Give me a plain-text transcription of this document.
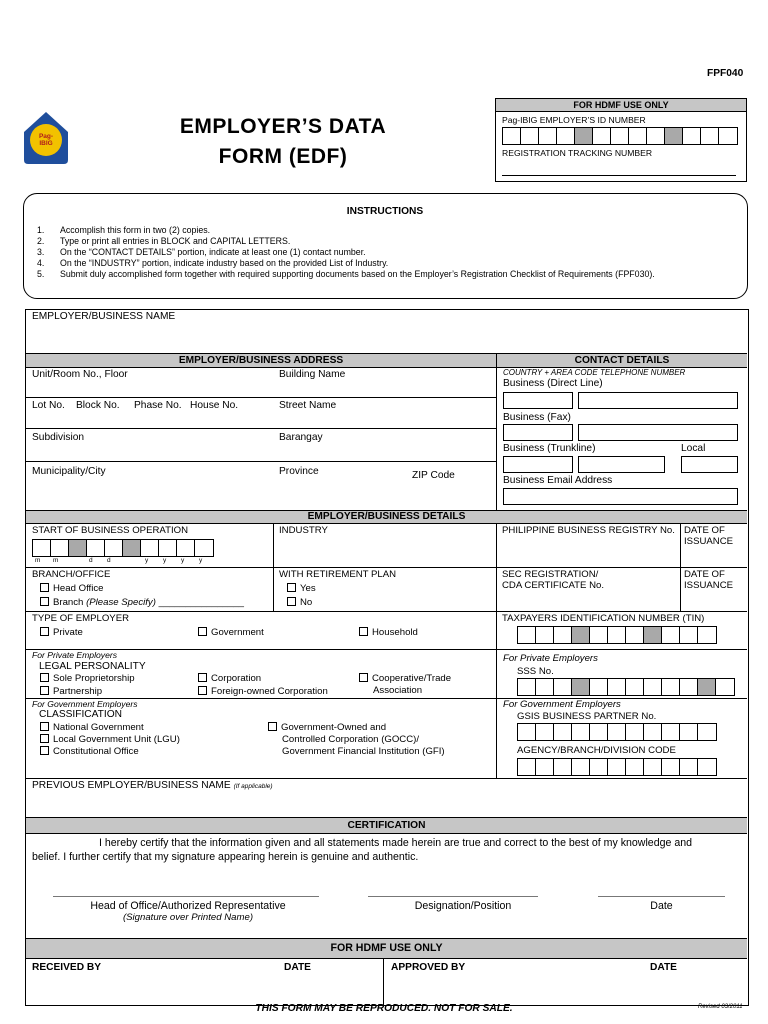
FPF040
Pag-
IBIG
EMPLOYER’S DATA
FORM (EDF)
FOR HDMF USE ONLY
Pag-IBIG EMPLOYER’S ID NUMBER
REGISTRATION TRACKING NUMBER
INSTRUCTIONS
1. Accomplish this form in two (2) copies.
2. Type or print all entries in BLOCK and CAPITAL LETTERS.
3. On the “CONTACT DETAILS” portion, indicate at least one (1) contact number.
4. On the “INDUSTRY” portion, indicate industry based on the provided List of Industry.
5. Submit duly accomplished form together with required supporting documents based on the Employer’s Registration Checklist of Requirements (FPF030).
EMPLOYER/BUSINESS NAME
EMPLOYER/BUSINESS ADDRESS	CONTACT DETAILS
Unit/Room No., Floor	Building Name
Lot No. Block No. Phase No. House No.	Street Name
Subdivision	Barangay
Municipality/City	Province	ZIP Code
COUNTRY + AREA CODE TELEPHONE NUMBER
Business (Direct Line)
Business (Fax)
Business (Trunkline)	Local
Business Email Address
EMPLOYER/BUSINESS DETAILS
START OF BUSINESS OPERATION
m m	d d	y y y y
INDUSTRY	PHILIPPINE BUSINESS REGISTRY No. DATE OF
ISSUANCE
BRANCH/OFFICE
Head Office
Branch (Please Specify) ________________
WITH RETIREMENT PLAN
Yes
No
SEC REGISTRATION/
CDA CERTIFICATE No.
DATE OF
ISSUANCE
TYPE OF EMPLOYER
Private	Government	Household
TAXPAYERS IDENTIFICATION NUMBER (TIN)
For Private Employers
LEGAL PERSONALITY
Sole Proprietorship
Partnership
Corporation
Foreign-owned Corporation
Cooperative/Trade
Association
For Private Employers
SSS No.
For Government Employers
CLASSIFICATION
National Government
Local Government Unit (LGU)
Constitutional Office
Government-Owned and
Controlled Corporation (GOCC)/
Government Financial Institution (GFI)
For Government Employers
GSIS BUSINESS PARTNER No.
AGENCY/BRANCH/DIVISION CODE
PREVIOUS EMPLOYER/BUSINESS NAME (If applicable)
CERTIFICATION
I hereby certify that the information given and all statements made herein are true and correct to the best of my knowledge and
belief. I further certify that my signature appearing herein is genuine and authentic.
Head of Office/Authorized Representative
(Signature over Printed Name)
Designation/Position	Date
FOR HDMF USE ONLY
RECEIVED BY	DATE	APPROVED BY	DATE
THIS FORM MAY BE REPRODUCED. NOT FOR SALE.	Revised 03/2011
